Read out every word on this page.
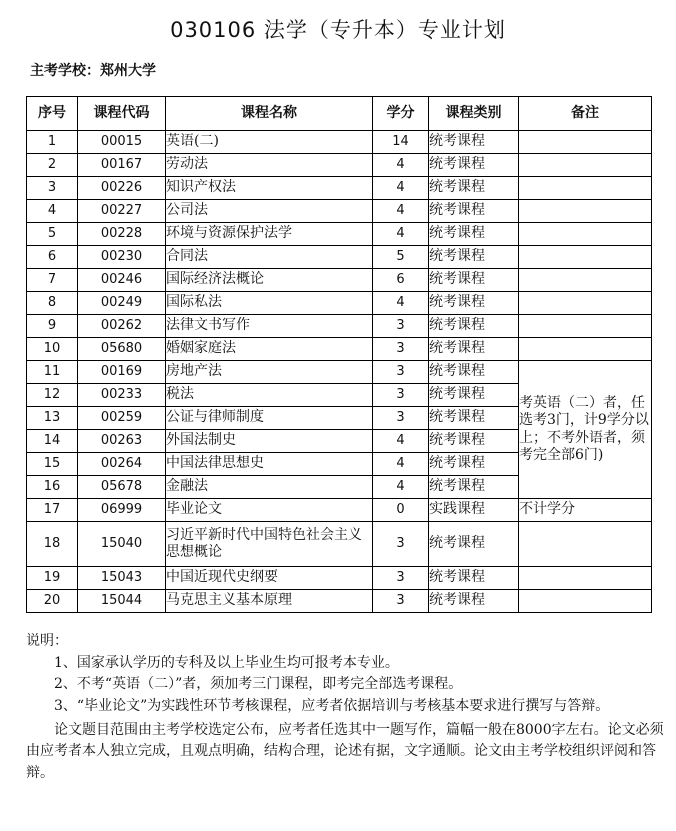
030106 法学（专升本）专业计划
主考学校：郑州大学
序号	课程代码	课程名称	学分	课程类别	备注
1	00015	英语(二)	14	统考课程	
2	00167	劳动法	4	统考课程	
3	00226	知识产权法	4	统考课程	
4	00227	公司法	4	统考课程	
5	00228	环境与资源保护法学	4	统考课程	
6	00230	合同法	5	统考课程	
7	00246	国际经济法概论	6	统考课程	
8	00249	国际私法	4	统考课程	
9	00262	法律文书写作	3	统考课程	
10	05680	婚姻家庭法	3	统考课程	
11	00169	房地产法	3	统考课程	考英语（二）者，任选考3门，计9学分以上；不考外语者，须考完全部6门)
12	00233	税法	3	统考课程	
13	00259	公证与律师制度	3	统考课程	
14	00263	外国法制史	4	统考课程	
15	00264	中国法律思想史	4	统考课程	
16	05678	金融法	4	统考课程	
17	06999	毕业论文	0	实践课程	不计学分
18	15040	习近平新时代中国特色社会主义思想概论	3	统考课程	
19	15043	中国近现代史纲要	3	统考课程	
20	15044	马克思主义基本原理	3	统考课程	

说明：

1、国家承认学历的专科及以上毕业生均可报考本专业。

2、不考“英语（二）”者，须加考三门课程，即考完全部选考课程。

3、“毕业论文”为实践性环节考核课程，应考者依据培训与考核基本要求进行撰写与答辩。

论文题目范围由主考学校选定公布，应考者任选其中一题写作，篇幅一般在8000字左右。论文必须由应考者本人独立完成，且观点明确，结构合理，论述有据，文字通顺。论文由主考学校组织评阅和答辩。
